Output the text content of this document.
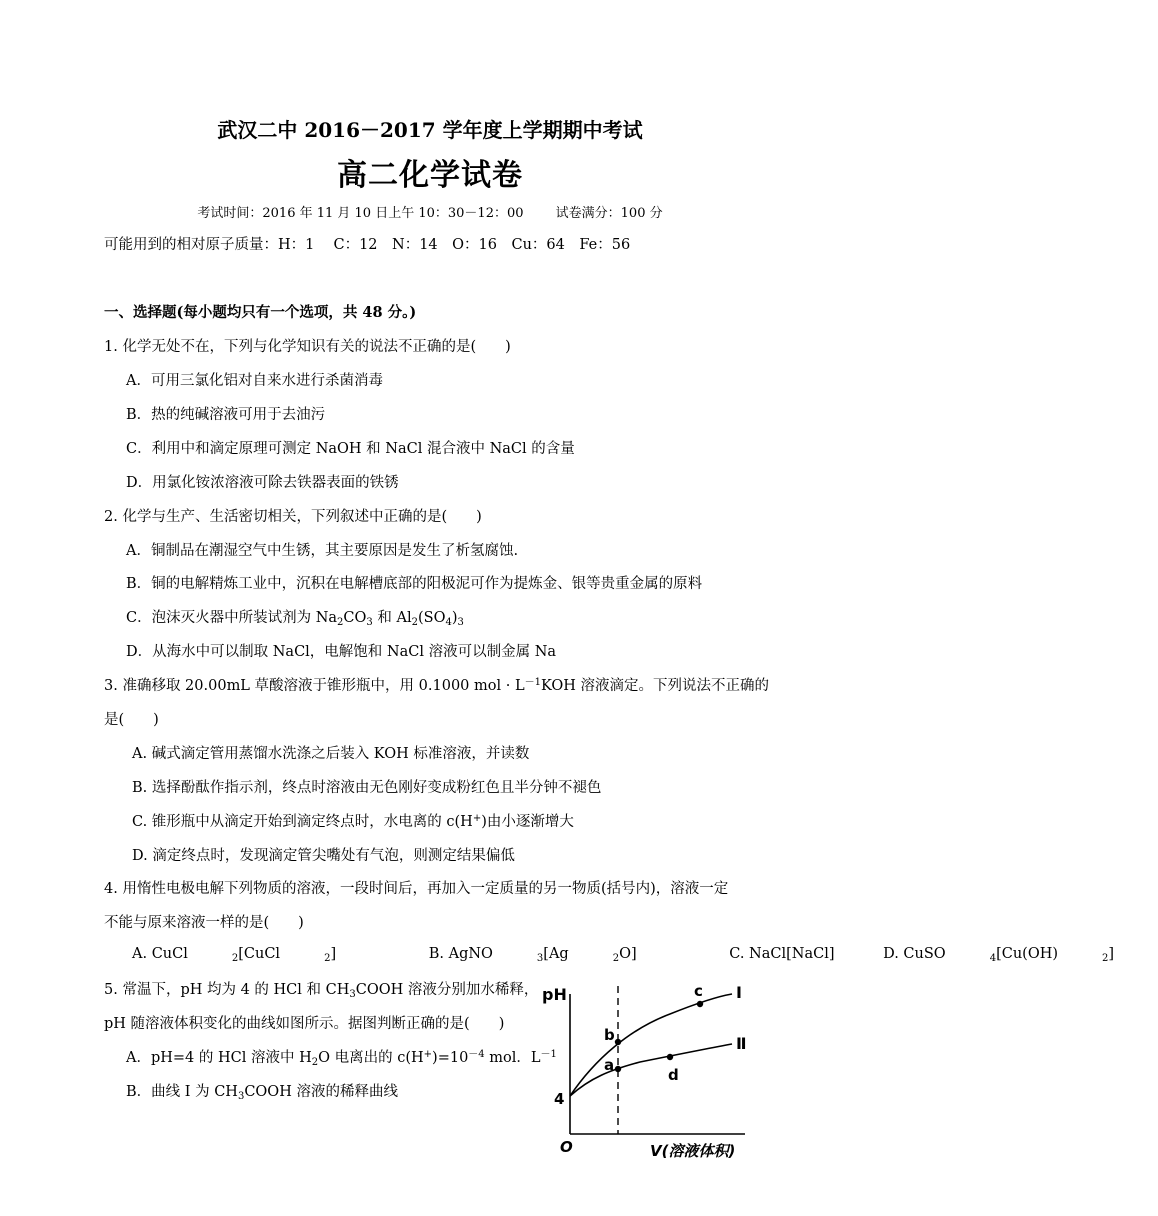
武汉二中 2016－2017 学年度上学期期中考试
高二化学试卷
考试时间：2016 年 11 月 10 日上午 10：30－12：00 试卷满分：100 分
可能用到的相对原子质量：H：1　 C：12　N：14　O：16　Cu：64　Fe：56
一、选择题(每小题均只有一个选项，共 48 分。)
1. 化学无处不在，下列与化学知识有关的说法不正确的是(　　)
A．可用三氯化铝对自来水进行杀菌消毒
B．热的纯碱溶液可用于去油污
C．利用中和滴定原理可测定 NaOH 和 NaCl 混合液中 NaCl 的含量
D．用氯化铵浓溶液可除去铁器表面的铁锈
2. 化学与生产、生活密切相关，下列叙述中正确的是(　　)
A．铜制品在潮湿空气中生锈，其主要原因是发生了析氢腐蚀.
B．铜的电解精炼工业中，沉积在电解槽底部的阳极泥可作为提炼金、银等贵重金属的原料
C．泡沫灭火器中所装试剂为 $Na_2CO_3$ 和 $Al_2(SO_4)_3$
D．从海水中可以制取 NaCl，电解饱和 NaCl 溶液可以制金属 Na
3. 准确移取 20.00mL 草酸溶液于锥形瓶中，用 0.1000 mol · $L^{-1}KOH$ 溶液滴定。下列说法不正确的
是(　　)
A. 碱式滴定管用蒸馏水洗涤之后装入 KOH 标准溶液，并读数
B. 选择酚酞作指示剂，终点时溶液由无色刚好变成粉红色且半分钟不褪色
C. 锥形瓶中从滴定开始到滴定终点时，水电离的 c(H+)由小逐渐增大
D. 滴定终点时，发现滴定管尖嘴处有气泡，则测定结果偏低
4. 用惰性电极电解下列物质的溶液，一段时间后，再加入一定质量的另一物质(括号内)，溶液一定
不能与原来溶液一样的是(　　)
A. CuCl	$_2$[CuCl	$_2$]	B. AgNO	$_3$[Ag	$_2$O]	C. NaCl[NaCl]	D. CuSO	$_4$[Cu(OH)	$_2$]
5. 常温下，pH 均为 4 的 HCl 和 $CH_3COOH$ 溶液分别加水稀释，
pH 随溶液体积变化的曲线如图所示。据图判断正确的是(　　)
A．pH=4 的 HCl 溶液中 $H_2O$ 电离出的 $c(H^+)=10^{-4}$ mol．$L^{-1}$
B．曲线 I 为 $CH_3COOH$ 溶液的稀释曲线
pH
V(溶液体积)
O
4
Ⅰ
Ⅱ
a
b
c
d
